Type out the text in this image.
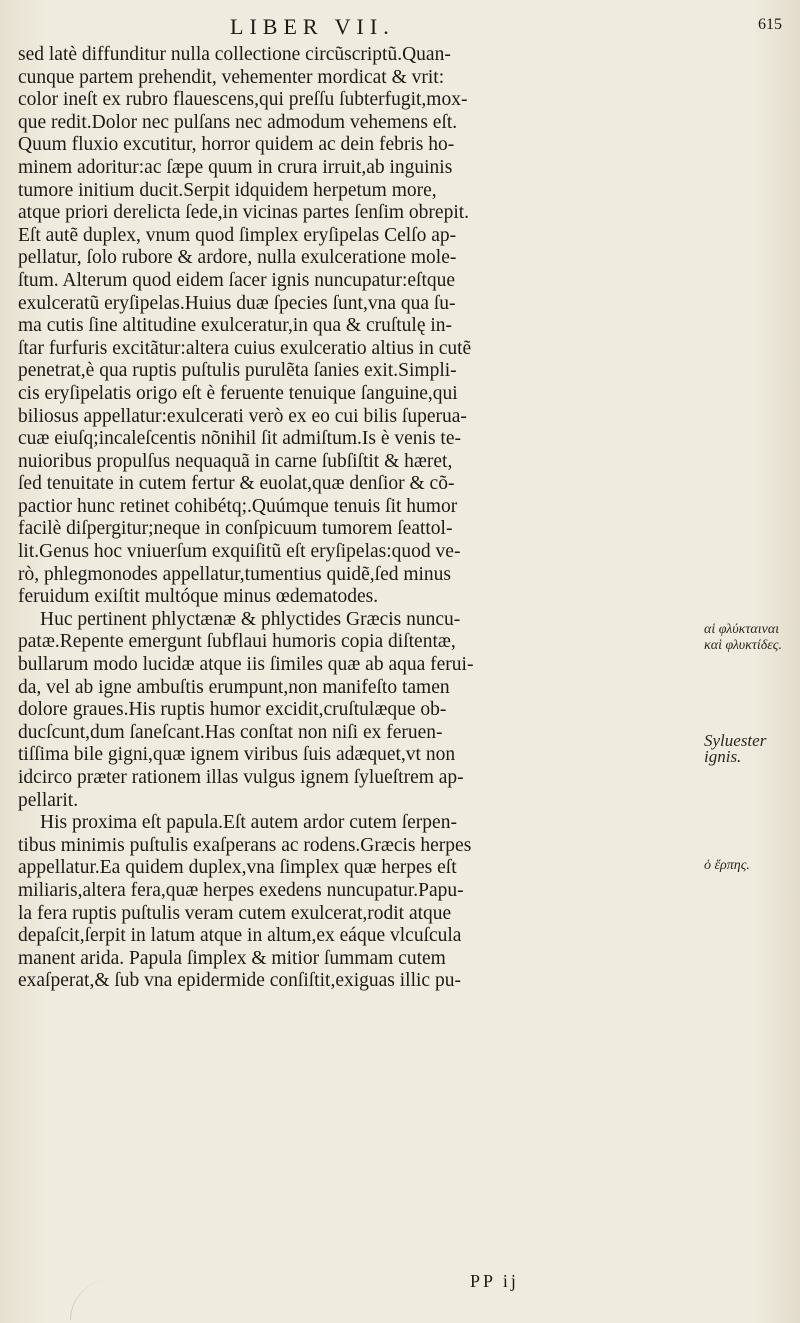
LIBER VII.	615
sed latè diffunditur nulla collectione circũscriptũ.Quan-
cunque partem prehendit, vehementer mordicat & vrit:
color ineſt ex rubro flauescens,qui preſſu ſubterfugit,mox-
que redit.Dolor nec pulſans nec admodum vehemens eſt.
Quum fluxio excutitur, horror quidem ac dein febris ho-
minem adoritur:ac ſæpe quum in crura irruit,ab inguinis
tumore initium ducit.Serpit idquidem herpetum more,
atque priori derelicta ſede,in vicinas partes ſenſim obrepit.
Eſt autẽ duplex, vnum quod ſimplex eryſipelas Celſo ap-
pellatur, ſolo rubore & ardore, nulla exulceratione mole-
ſtum. Alterum quod eidem ſacer ignis nuncupatur:eſtque
exulceratũ eryſipelas.Huius duæ ſpecies ſunt,vna qua ſu-
ma cutis ſine altitudine exulceratur,in qua & cruſtulę in-
ſtar furfuris excitãtur:altera cuius exulceratio altius in cutẽ
penetrat,è qua ruptis puſtulis purulẽta ſanies exit.Simpli-
cis eryſipelatis origo eſt è feruente tenuique ſanguine,qui
biliosus appellatur:exulcerati verò ex eo cui bilis ſuperua-
cuæ eiuſq;incaleſcentis nõnihil ſit admiſtum.Is è venis te-
nuioribus propulſus nequaquã in carne ſubſiſtit & hæret,
ſed tenuitate in cutem fertur & euolat,quæ denſior & cõ-
pactior hunc retinet cohibétq;.Quúmque tenuis ſit humor
facilè diſpergitur;neque in conſpicuum tumorem ſeattol-
lit.Genus hoc vniuerſum exquiſitũ eſt eryſipelas:quod ve-
rò, phlegmonodes appellatur,tumentius quidẽ,ſed minus
feruidum exiſtit multóque minus œdematodes.
Huc pertinent phlyctænæ & phlyctides Græcis nuncu-
patæ.Repente emergunt ſubflaui humoris copia diſtentæ,
bullarum modo lucidæ atque iis ſimiles quæ ab aqua ferui-
da, vel ab igne ambuſtis erumpunt,non manifeſto tamen
dolore graues.His ruptis humor excidit,cruſtulæque ob-
ducſcunt,dum ſaneſcant.Has conſtat non niſi ex feruen-
tiſſima bile gigni,quæ ignem viribus ſuis adæquet,vt non
idcirco præter rationem illas vulgus ignem ſylueſtrem ap-
pellarit.
His proxima eſt papula.Eſt autem ardor cutem ſerpen-
tibus minimis puſtulis exaſperans ac rodens.Græcis herpes
appellatur.Ea quidem duplex,vna ſimplex quæ herpes eſt
miliaris,altera fera,quæ herpes exedens nuncupatur.Papu-
la fera ruptis puſtulis veram cutem exulcerat,rodit atque
depaſcit,ſerpit in latum atque in altum,ex eáque vlcuſcula
manent arida. Papula ſimplex & mitior ſummam cutem
exaſperat,& ſub vna epidermide conſiſtit,exiguas illic pu-
αἱ φλύκταιναι καὶ φλυκτίδες.
Syluester ignis.
ὁ ἕρπης.
PP ij
